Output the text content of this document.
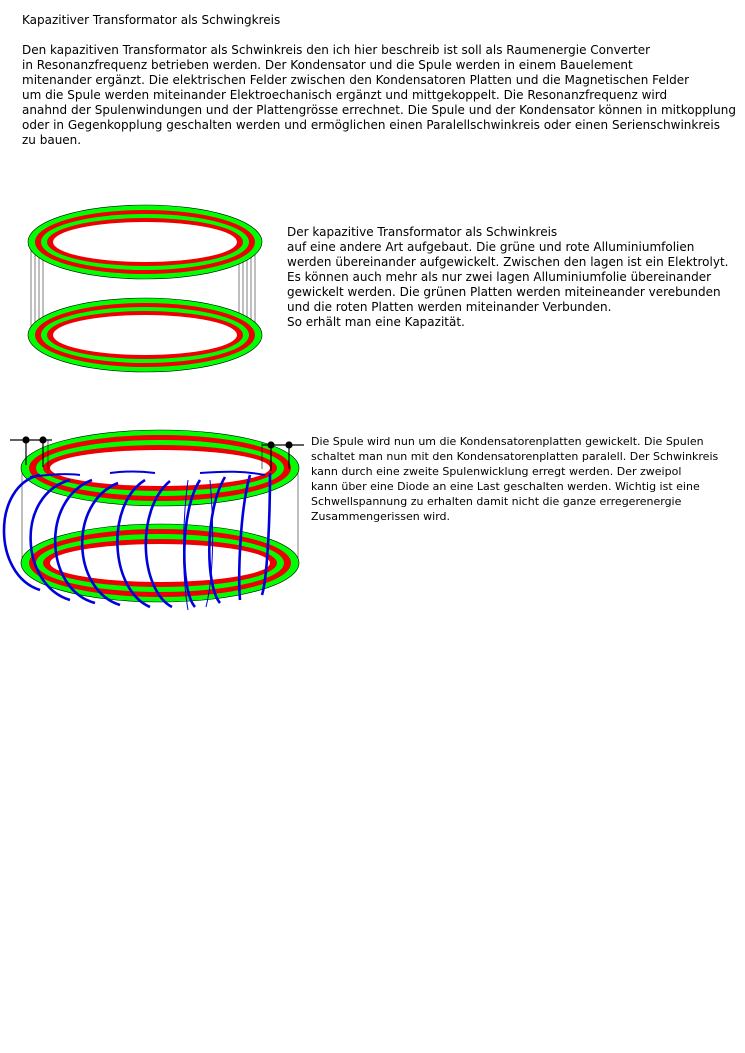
Kapazitiver Transformator als Schwingkreis
Den kapazitiven Transformator als Schwinkreis den ich hier beschreib ist soll als Raumenergie Converter
in Resonanzfrequenz betrieben werden. Der Kondensator und die Spule werden in einem Bauelement
mitenander ergänzt. Die elektrischen Felder zwischen den Kondensatoren Platten und die Magnetischen Felder
um die Spule werden miteinander Elektroechanisch ergänzt und mittgekoppelt. Die Resonanzfrequenz wird
anahnd der Spulenwindungen und der Plattengrösse errechnet. Die Spule und der Kondensator können in mitkopplung
oder in Gegenkopplung geschalten werden und ermöglichen einen Paralellschwinkreis oder einen Serienschwinkreis
zu bauen.
Der kapazitive Transformator als Schwinkreis
auf eine andere Art aufgebaut. Die grüne und rote Alluminiumfolien
werden übereinander aufgewickelt. Zwischen den lagen ist ein Elektrolyt.
Es können auch mehr als nur zwei lagen Alluminiumfolie übereinander
gewickelt werden. Die grünen Platten werden miteineander verebunden
und die roten Platten werden miteinander Verbunden.
So erhält man eine Kapazität.
Die Spule wird nun um die Kondensatorenplatten gewickelt. Die Spulen
schaltet man nun mit den Kondensatorenplatten paralell. Der Schwinkreis
kann durch eine zweite Spulenwicklung erregt werden. Der zweipol
kann über eine Diode an eine Last geschalten werden. Wichtig ist eine
Schwellspannung zu erhalten damit nicht die ganze erregerenergie
Zusammengerissen wird.
